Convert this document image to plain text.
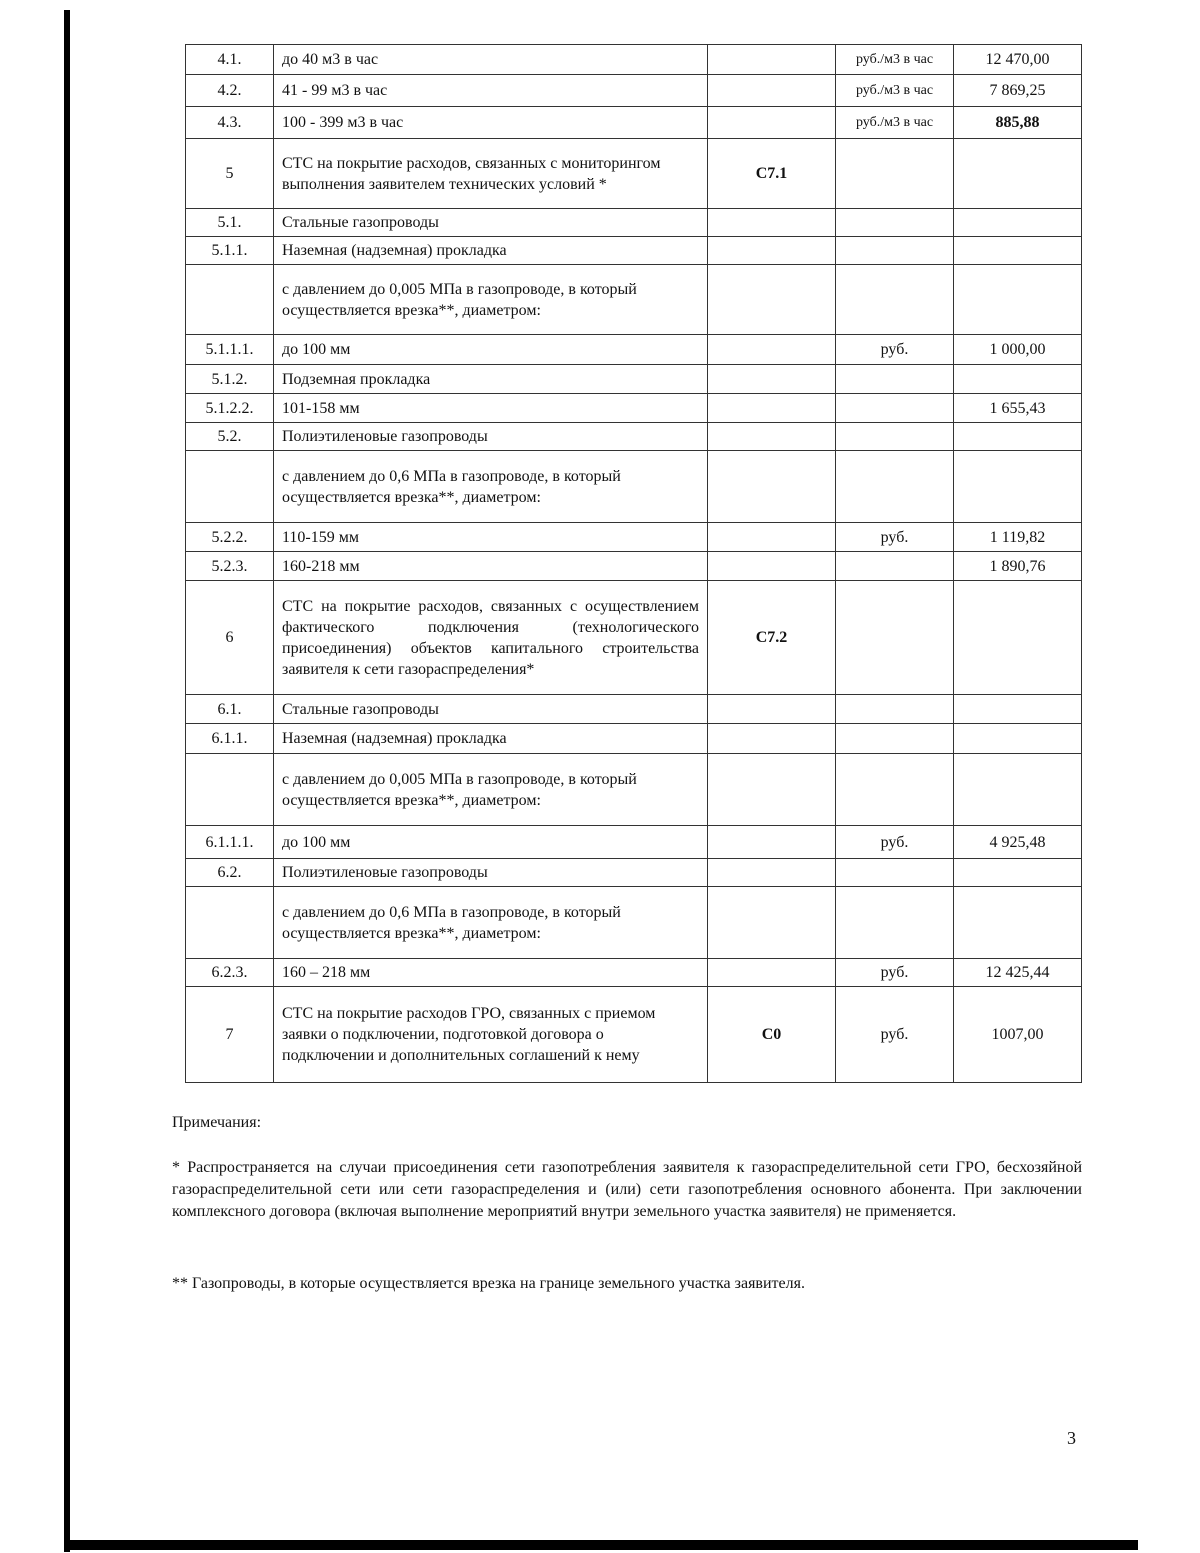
4.1.	до 40 м3 в час		руб./м3 в час	12 470,00
4.2.	41 - 99 м3 в час		руб./м3 в час	7 869,25
4.3.	100 - 399 м3 в час		руб./м3 в час	885,88
5	СТС на покрытие расходов, связанных с мониторингом выполнения заявителем технических условий *	С7.1		
5.1.	Стальные газопроводы			
5.1.1.	Наземная (надземная) прокладка			
	с давлением до 0,005 МПа в газопроводе, в который осуществляется врезка**, диаметром:			
5.1.1.1.	до 100 мм		руб.	1 000,00
5.1.2.	Подземная прокладка			
5.1.2.2.	101-158 мм			1 655,43
5.2.	Полиэтиленовые газопроводы			
	с давлением до 0,6 МПа в газопроводе, в который осуществляется врезка**, диаметром:			
5.2.2.	110-159 мм		руб.	1 119,82
5.2.3.	160-218 мм			1 890,76
6	СТС на покрытие расходов, связанных с осуществлением фактического подключения (технологического присоединения) объектов капитального строительства заявителя к сети газораспределения*	С7.2		
6.1.	Стальные газопроводы			
6.1.1.	Наземная (надземная) прокладка			
	с давлением до 0,005 МПа в газопроводе, в который осуществляется врезка**, диаметром:			
6.1.1.1.	до 100 мм		руб.	4 925,48
6.2.	Полиэтиленовые газопроводы			
	с давлением до 0,6 МПа в газопроводе, в который осуществляется врезка**, диаметром:			
6.2.3.	160 – 218 мм		руб.	12 425,44
7	СТС на покрытие расходов ГРО, связанных с приемом заявки о подключении, подготовкой договора о подключении и дополнительных соглашений к нему	С0	руб.	1007,00
Примечания:
* Распространяется на случаи присоединения сети газопотребления заявителя к газораспределительной сети ГРО, бесхозяйной газораспределительной сети или сети газораспределения и (или) сети газопотребления основного абонента. При заключении комплексного договора (включая выполнение мероприятий внутри земельного участка заявителя) не применяется.
** Газопроводы, в которые осуществляется врезка на границе земельного участка заявителя.
3
